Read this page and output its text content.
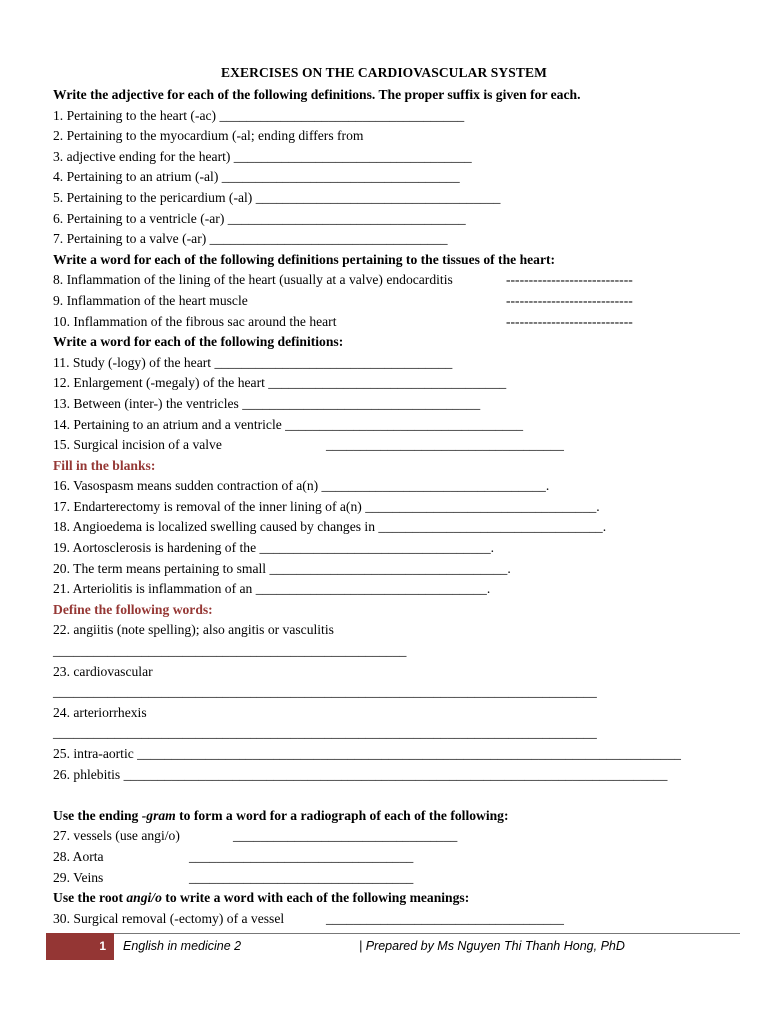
EXERCISES ON THE CARDIOVASCULAR SYSTEM
Write the adjective for each of the following definitions. The proper suffix is given for each.
1. Pertaining to the heart (-ac) ____________________________________
2. Pertaining to the myocardium (-al; ending differs from
3. adjective ending for the heart) ___________________________________
4. Pertaining to an atrium (-al) ___________________________________
5. Pertaining to the pericardium (-al) ____________________________________
6. Pertaining to a ventricle (-ar) ___________________________________
7. Pertaining to a valve (-ar) ___________________________________
Write a word for each of the following definitions pertaining to the tissues of the heart:
8. Inflammation of the lining of the heart (usually at a valve) endocarditis	----------------------------
9. Inflammation of the heart muscle	----------------------------
10. Inflammation of the fibrous sac around the heart	----------------------------
Write a word for each of the following definitions:
11. Study (-logy) of the heart ___________________________________
12. Enlargement (-megaly) of the heart ___________________________________
13. Between (inter-) the ventricles ___________________________________
14. Pertaining to an atrium and a ventricle ___________________________________
15. Surgical incision of a valve	___________________________________
Fill in the blanks:
16. Vasospasm means sudden contraction of a(n) _________________________________.
17. Endarterectomy is removal of the inner lining of a(n) __________________________________.
18. Angioedema is localized swelling caused by changes in _________________________________.
19. Aortosclerosis is hardening of the __________________________________.
20. The term means pertaining to small ___________________________________.
21. Arteriolitis is inflammation of an __________________________________.
Define the following words:
22. angiitis (note spelling); also angitis or vasculitis
____________________________________________________
23. cardiovascular
________________________________________________________________________________
24. arteriorrhexis
________________________________________________________________________________
25. intra-aortic ________________________________________________________________________________
26. phlebitis ________________________________________________________________________________
Use the ending -gram to form a word for a radiograph of each of the following:
27. vessels (use angi/o)	_________________________________
28. Aorta	_________________________________
29. Veins	_________________________________
Use the root angi/o to write a word with each of the following meanings:
30. Surgical removal (-ectomy) of a vessel	___________________________________
1	English in medicine 2	| Prepared by Ms Nguyen Thi Thanh Hong, PhD
